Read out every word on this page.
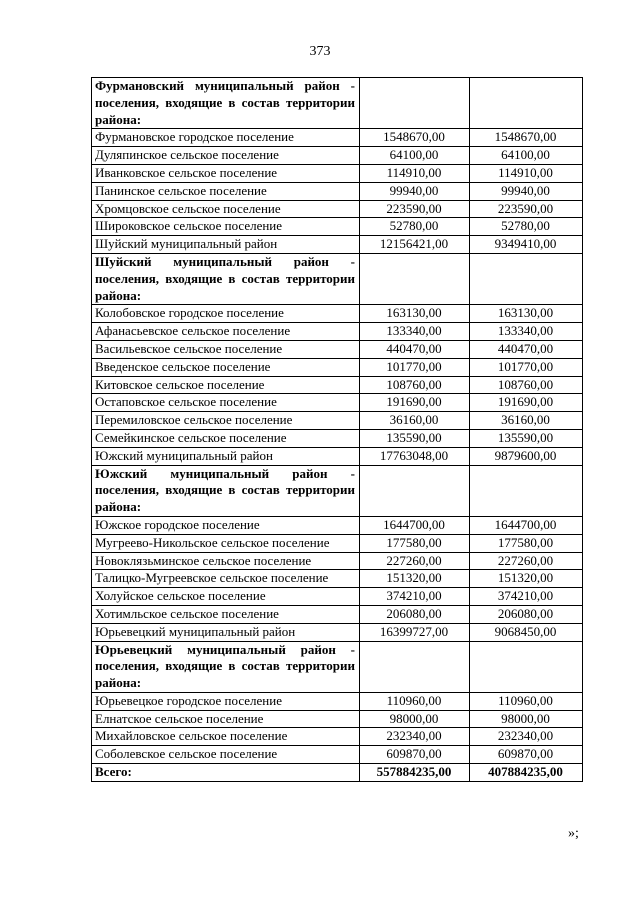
373
Фурмановский муниципальный район - поселения, входящие в состав территории района:		
Фурмановское городское поселение	1548670,00	1548670,00
Дуляпинское сельское поселение	64100,00	64100,00
Иванковское сельское поселение	114910,00	114910,00
Панинское сельское поселение	99940,00	99940,00
Хромцовское сельское поселение	223590,00	223590,00
Широковское сельское поселение	52780,00	52780,00
Шуйский муниципальный район	12156421,00	9349410,00
Шуйский муниципальный район - поселения, входящие в состав территории района:		
Колобовское городское поселение	163130,00	163130,00
Афанасьевское сельское поселение	133340,00	133340,00
Васильевское сельское поселение	440470,00	440470,00
Введенское сельское поселение	101770,00	101770,00
Китовское сельское поселение	108760,00	108760,00
Остаповское сельское поселение	191690,00	191690,00
Перемиловское сельское поселение	36160,00	36160,00
Семейкинское сельское поселение	135590,00	135590,00
Южский муниципальный район	17763048,00	9879600,00
Южский муниципальный район - поселения, входящие в состав территории района:		
Южское городское поселение	1644700,00	1644700,00
Мугреево-Никольское сельское поселение	177580,00	177580,00
Новоклязьминское сельское поселение	227260,00	227260,00
Талицко-Мугреевское сельское поселение	151320,00	151320,00
Холуйское сельское поселение	374210,00	374210,00
Хотимльское сельское поселение	206080,00	206080,00
Юрьевецкий муниципальный район	16399727,00	9068450,00
Юрьевецкий муниципальный район - поселения, входящие в состав территории района:		
Юрьевецкое городское поселение	110960,00	110960,00
Елнатское сельское поселение	98000,00	98000,00
Михайловское сельское поселение	232340,00	232340,00
Соболевское сельское поселение	609870,00	609870,00
Всего:	557884235,00	407884235,00
»;
